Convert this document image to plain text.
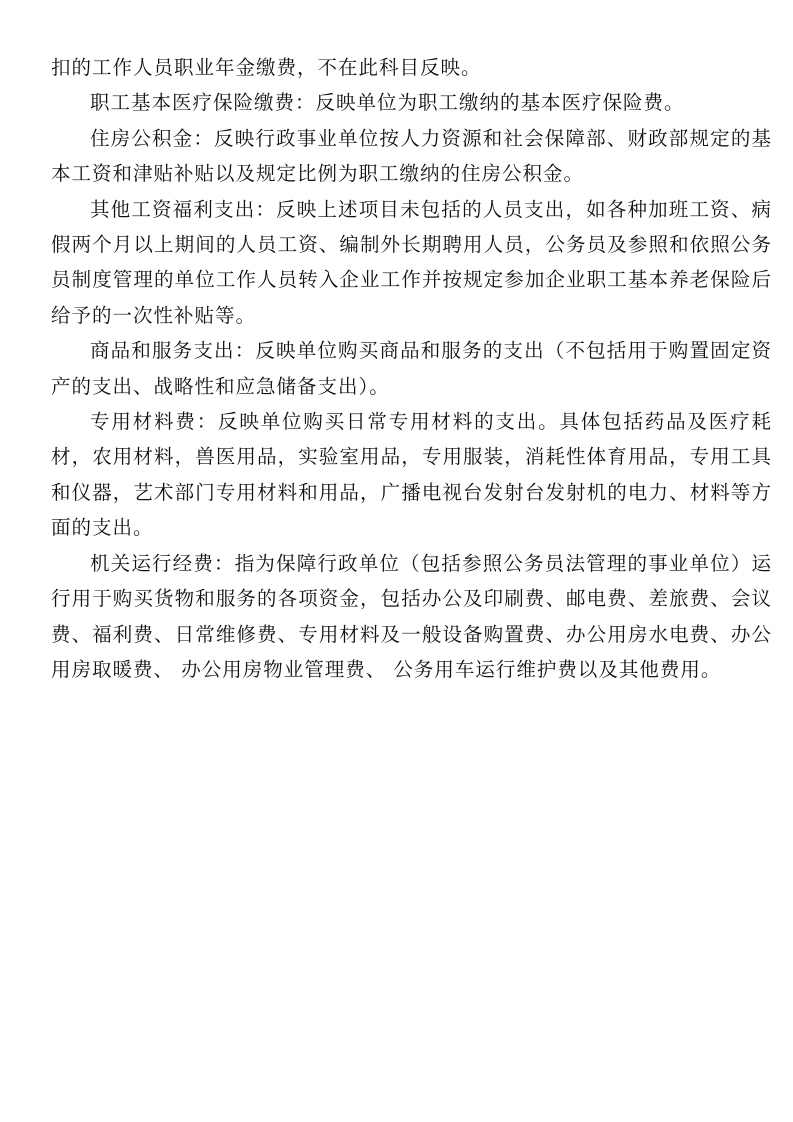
扣的工作人员职业年金缴费，不在此科目反映。

职工基本医疗保险缴费：反映单位为职工缴纳的基本医疗保险费。

住房公积金：反映行政事业单位按人力资源和社会保障部、财政部规定的基本工资和津贴补贴以及规定比例为职工缴纳的住房公积金。

其他工资福利支出：反映上述项目未包括的人员支出，如各种加班工资、病假两个月以上期间的人员工资、编制外长期聘用人员，公务员及参照和依照公务员制度管理的单位工作人员转入企业工作并按规定参加企业职工基本养老保险后给予的一次性补贴等。

商品和服务支出：反映单位购买商品和服务的支出（不包括用于购置固定资产的支出、战略性和应急储备支出）。

专用材料费：反映单位购买日常专用材料的支出。具体包括药品及医疗耗材，农用材料，兽医用品，实验室用品，专用服装，消耗性体育用品，专用工具和仪器，艺术部门专用材料和用品，广播电视台发射台发射机的电力、材料等方面的支出。

机关运行经费：指为保障行政单位（包括参照公务员法管理的事业单位）运行用于购买货物和服务的各项资金，包括办公及印刷费、邮电费、差旅费、会议费、福利费、日常维修费、专用材料及一般设备购置费、办公用房水电费、办公用房取暖费、 办公用房物业管理费、 公务用车运行维护费以及其他费用。
